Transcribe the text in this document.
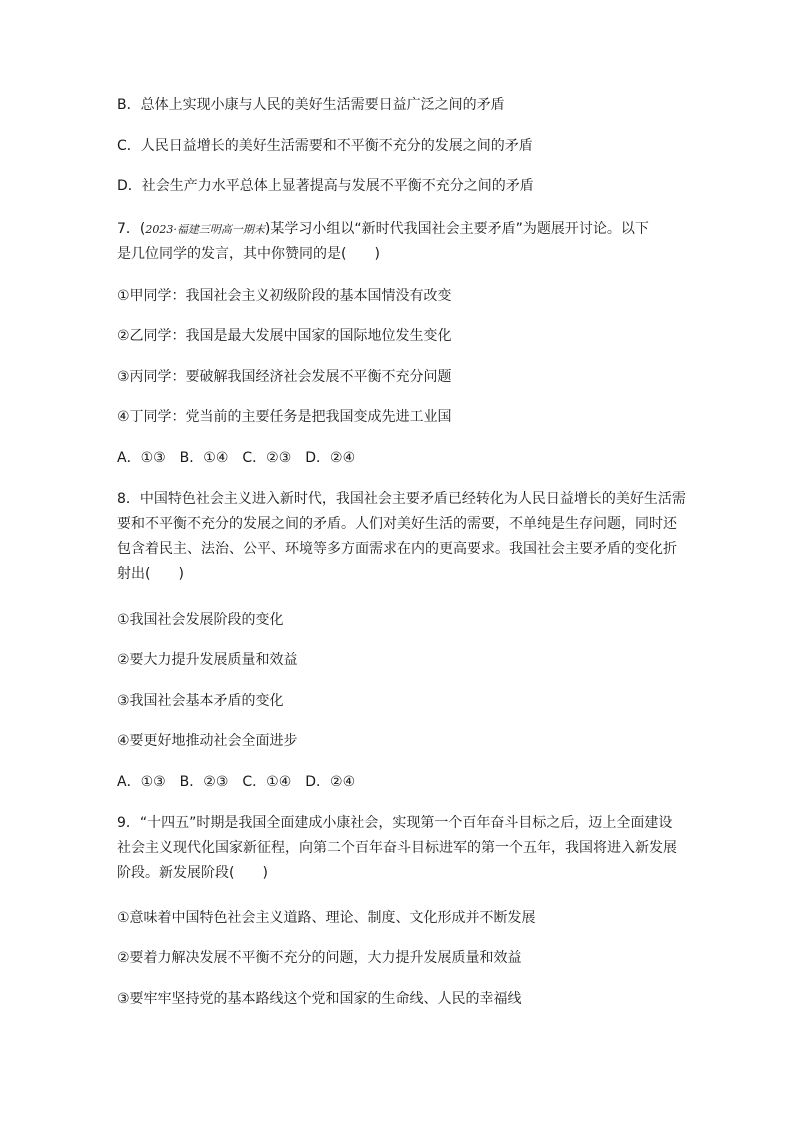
B．总体上实现小康与人民的美好生活需要日益广泛之间的矛盾
C．人民日益增长的美好生活需要和不平衡不充分的发展之间的矛盾
D．社会生产力水平总体上显著提高与发展不平衡不充分之间的矛盾
7．(2023·福建三明高一期末)某学习小组以“新时代我国社会主要矛盾”为题展开讨论。以下
是几位同学的发言，其中你赞同的是(　　)
①甲同学：我国社会主义初级阶段的基本国情没有改变
②乙同学：我国是最大发展中国家的国际地位发生变化
③丙同学：要破解我国经济社会发展不平衡不充分问题
④丁同学：党当前的主要任务是把我国变成先进工业国
A．①③　B．①④　C．②③　D．②④
8．中国特色社会主义进入新时代，我国社会主要矛盾已经转化为人民日益增长的美好生活需
要和不平衡不充分的发展之间的矛盾。人们对美好生活的需要，不单纯是生存问题，同时还
包含着民主、法治、公平、环境等多方面需求在内的更高要求。我国社会主要矛盾的变化折
射出(　　)
①我国社会发展阶段的变化
②要大力提升发展质量和效益
③我国社会基本矛盾的变化
④要更好地推动社会全面进步
A．①③　B．②③　C．①④　D．②④
9．“十四五”时期是我国全面建成小康社会，实现第一个百年奋斗目标之后，迈上全面建设
社会主义现代化国家新征程，向第二个百年奋斗目标进军的第一个五年，我国将进入新发展
阶段。新发展阶段(　　)
①意味着中国特色社会主义道路、理论、制度、文化形成并不断发展
②要着力解决发展不平衡不充分的问题，大力提升发展质量和效益
③要牢牢坚持党的基本路线这个党和国家的生命线、人民的幸福线
